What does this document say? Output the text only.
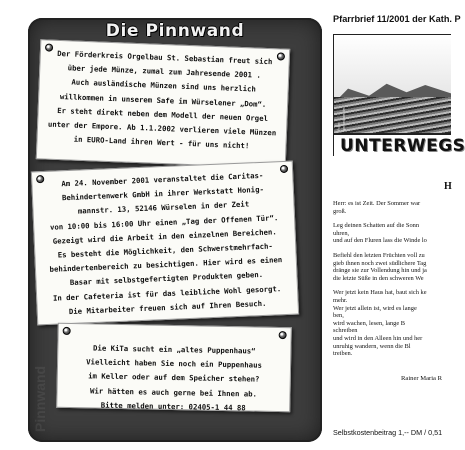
Die Pinnwand
Der Förderkreis Orgelbau St. Sebastian freut sich
über jede Münze, zumal zum Jahresende 2001 .
Auch ausländische Münzen sind uns herzlich
willkommen in unserem Safe im Würselener „Dom“.
Er steht direkt neben dem Modell der neuen Orgel
unter der Empore. Ab 1.1.2002 verlieren viele Münzen
in EURO-Land ihren Wert - für uns nicht!
Am 24. November 2001 veranstaltet die Caritas-
Behindertenwerk GmbH in ihrer Werkstatt Honig-
mannstr. 13, 52146 Würselen in der Zeit
von 10:00 bis 16:00 Uhr einen „Tag der Offenen Tür“.
Gezeigt wird die Arbeit in den einzelnen Bereichen.
Es besteht die Möglichkeit, den Schwerstmehrfach-
behindertenbereich zu besichtigen. Hier wird es einen
Basar mit selbstgefertigten Produkten geben.
In der Cafeteria ist für das leibliche Wohl gesorgt.
Die Mitarbeiter freuen sich auf Ihren Besuch.
Die KiTa sucht ein „altes Puppenhaus“
Vielleicht haben Sie noch ein Puppenhaus
im Keller oder auf dem Speicher stehen?
Wir hätten es auch gerne bei Ihnen ab.
Bitte melden unter: 02405-1 44 88
Pinnwand
Pfarrbrief 11/2001 der Kath. P
Foto: gemeinde.de
UNTERWEGS
H
Herr: es ist Zeit. Der Sommer war
groß.
Leg deinen Schatten auf die Sonn
uhren,
und auf den Fluren lass die Winde lo
Befiehl den letzten Früchten voll zu
gieb ihnen noch zwei südlichere Tag
dränge sie zur Vollendung hin und ja
die letzte Süße in den schweren We
Wer jetzt kein Haus hat, baut sich ke
mehr.
Wer jetzt allein ist, wird es lange
ben,
wird wachen, lesen, lange B
schreiben
und wird in den Alleen hin und her
unruhig wandern, wenn die Bl
treiben.
Rainer Maria R
Selbstkostenbeitrag 1,-- DM / 0,51
